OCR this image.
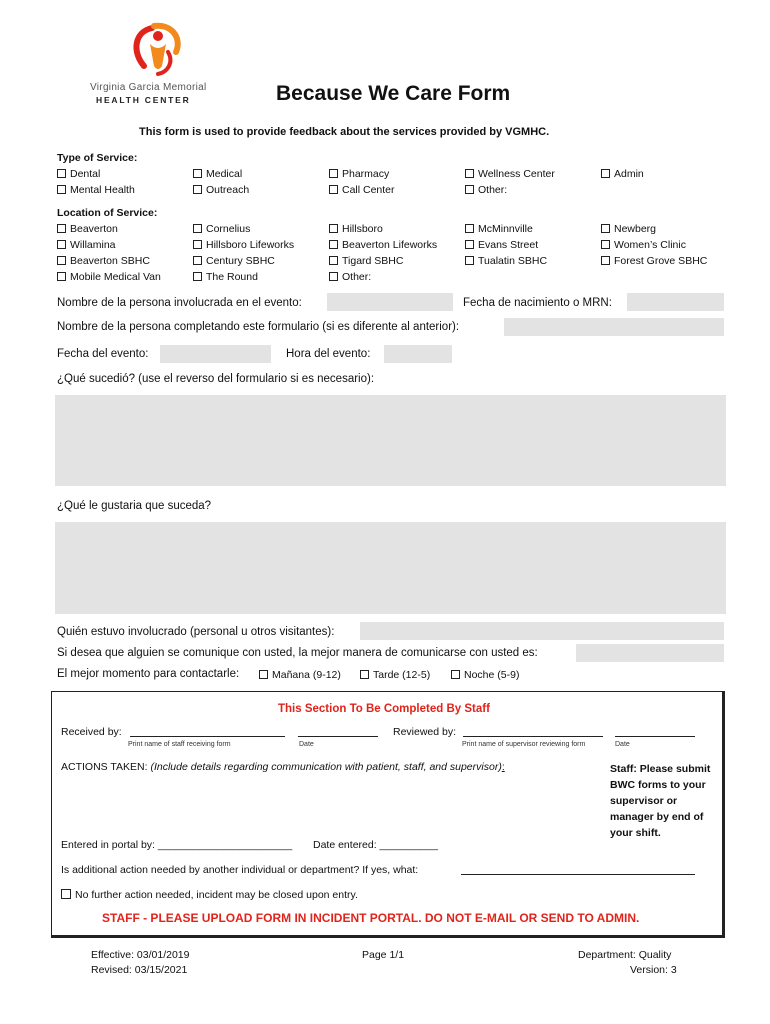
Virginia Garcia Memorial
HEALTH CENTER	Because We Care Form
This form is used to provide feedback about the services provided by VGMHC.
Type of Service:
Dental	Medical	Pharmacy	Wellness Center	Admin
Mental Health	Outreach	Call Center	Other:
Location of Service:
Beaverton	Cornelius	Hillsboro	McMinnville	Newberg
Willamina	Hillsboro Lifeworks	Beaverton Lifeworks	Evans Street	Women’s Clinic
Beaverton SBHC	Century SBHC	Tigard SBHC	Tualatin SBHC	Forest Grove SBHC
Mobile Medical Van	The Round	Other:
Nombre de la persona involucrada en el evento:	Fecha de nacimiento o MRN:
Nombre de la persona completando este formulario (si es diferente al anterior):
Fecha del evento:	Hora del evento:
¿Qué sucedió? (use el reverso del formulario si es necesario):
¿Qué le gustaria que suceda?
Quién estuvo involucrado (personal u otros visitantes):
Si desea que alguien se comunique con usted, la mejor manera de comunicarse con usted es:
El mejor momento para contactarle:	Mañana (9-12)	Tarde (12-5)	Noche (5-9)
This Section To Be Completed By Staff
Received by:	Reviewed by:
Print name of staff receiving form	Date	Print name of supervisor reviewing form	Date
ACTIONS TAKEN: (Include details regarding communication with patient, staff, and supervisor):	Staff: Please submit BWC forms to your supervisor or manager by end of your shift.
Entered in portal by: _______________________ Date entered: __________
Is additional action needed by another individual or department? If yes, what:
No further action needed, incident may be closed upon entry.
STAFF - PLEASE UPLOAD FORM IN INCIDENT PORTAL. DO NOT E-MAIL OR SEND TO ADMIN.
Effective: 03/01/2019
Revised: 03/15/2021
Page 1/1	Department: Quality
Version: 3
